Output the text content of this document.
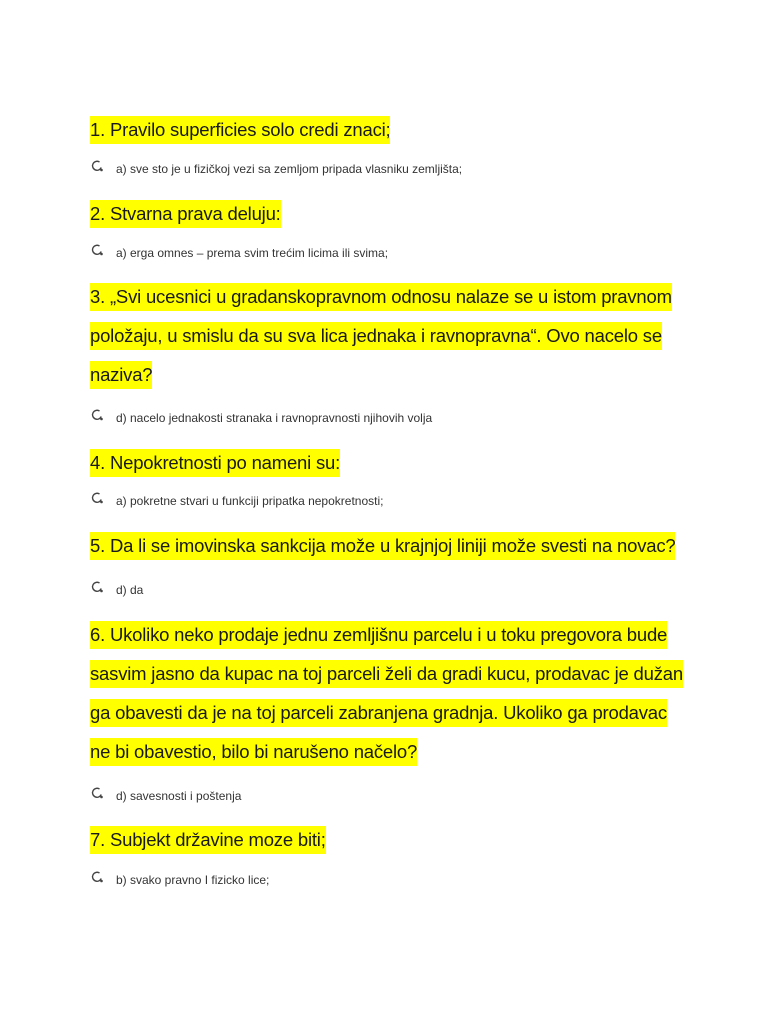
1. Pravilo superficies solo credi znaci;
a) sve sto je u fizičkoj vezi sa zemljom pripada vlasniku zemljišta;
2. Stvarna prava deluju:
a) erga omnes – prema svim trećim licima ili svima;
3. „Svi ucesnici u gradanskopravnom odnosu nalaze se u istom pravnom
položaju, u smislu da su sva lica jednaka i ravnopravna“. Ovo nacelo se
naziva?
d) nacelo jednakosti stranaka i ravnopravnosti njihovih volja
4. Nepokretnosti po nameni su:
a) pokretne stvari u funkciji pripatka nepokretnosti;
5. Da li se imovinska sankcija može u krajnjoj liniji može svesti na novac?
d) da
6. Ukoliko neko prodaje jednu zemljišnu parcelu i u toku pregovora bude
sasvim jasno da kupac na toj parceli želi da gradi kucu, prodavac je dužan
ga obavesti da je na toj parceli zabranjena gradnja. Ukoliko ga prodavac
ne bi obavestio, bilo bi narušeno načelo?
d) savesnosti i poštenja
7. Subjekt državine moze biti;
b) svako pravno I fizicko lice;
